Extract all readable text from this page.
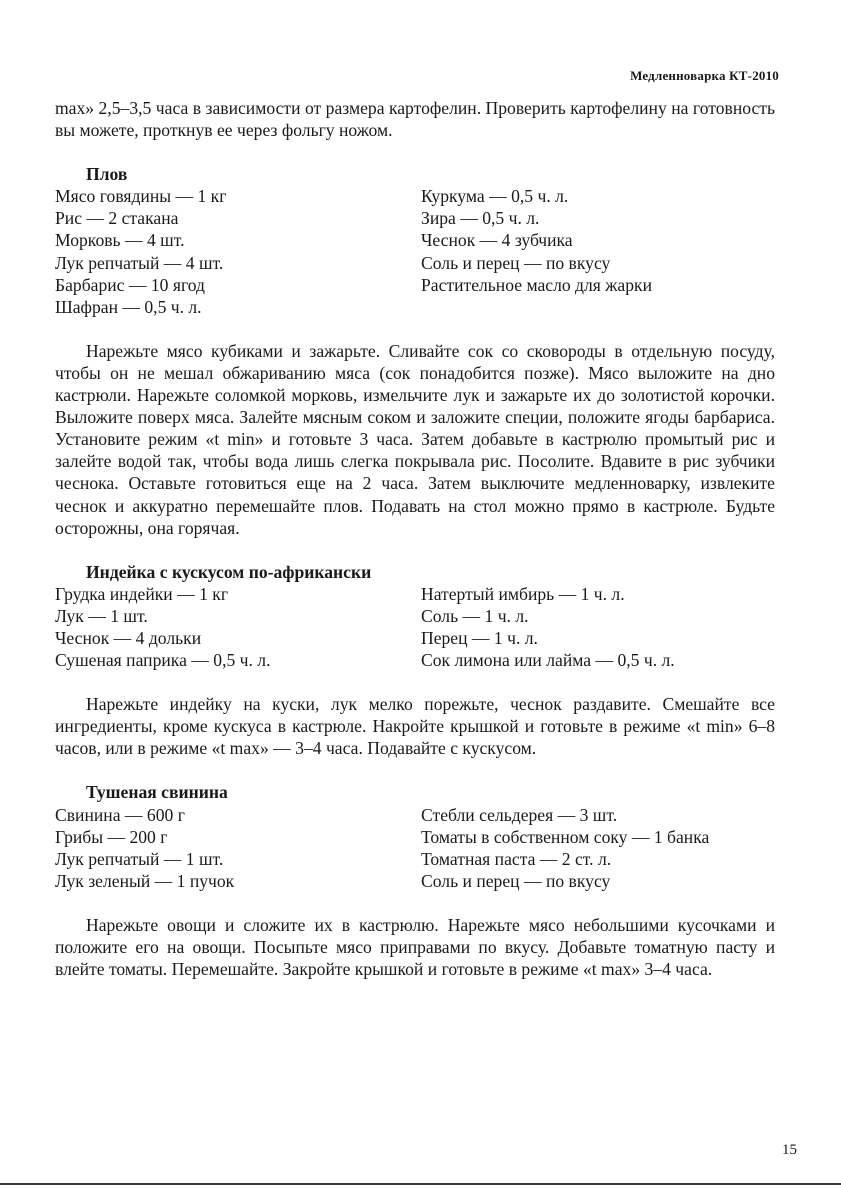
Медленноварка КТ-2010

max» 2,5–3,5 часа в зависимости от размера картофелин. Проверить картофелину на готовность вы можете, проткнув ее через фольгу ножом.

Плов
Мясо говядины — 1 кг
Рис — 2 стакана
Морковь — 4 шт.
Лук репчатый — 4 шт.
Барбарис — 10 ягод
Шафран — 0,5 ч. л.
Куркума — 0,5 ч. л.
Зира — 0,5 ч. л.
Чеснок — 4 зубчика
Соль и перец — по вкусу
Растительное масло для жарки

Нарежьте мясо кубиками и зажарьте. Сливайте сок со сковороды в отдельную посуду, чтобы он не мешал обжариванию мяса (сок понадобится позже). Мясо выложите на дно кастрюли. Нарежьте соломкой морковь, измельчите лук и зажарьте их до золотистой корочки. Выложите поверх мяса. Залейте мясным соком и заложите специи, положите ягоды барбариса. Установите режим «t min» и готовьте 3 часа. Затем добавьте в кастрюлю промытый рис и залейте водой так, чтобы вода лишь слегка покрывала рис. Посолите. Вдавите в рис зубчики чеснока. Оставьте готовиться еще на 2 часа. Затем выключите медленноварку, извлеките чеснок и аккуратно перемешайте плов. Подавать на стол можно прямо в кастрюле. Будьте осторожны, она горячая.

Индейка с кускусом по-африкански
Грудка индейки — 1 кг
Лук — 1 шт.
Чеснок — 4 дольки
Сушеная паприка — 0,5 ч. л.
Натертый имбирь — 1 ч. л.
Соль — 1 ч. л.
Перец — 1 ч. л.
Сок лимона или лайма — 0,5 ч. л.

Нарежьте индейку на куски, лук мелко порежьте, чеснок раздавите. Смешайте все ингредиенты, кроме кускуса в кастрюле. Накройте крышкой и готовьте в режиме «t min» 6–8 часов, или в режиме «t max» — 3–4 часа. Подавайте с кускусом.

Тушеная свинина
Свинина — 600 г
Грибы — 200 г
Лук репчатый — 1 шт.
Лук зеленый — 1 пучок
Стебли сельдерея — 3 шт.
Томаты в собственном соку — 1 банка
Томатная паста — 2 ст. л.
Соль и перец — по вкусу

Нарежьте овощи и сложите их в кастрюлю. Нарежьте мясо небольшими кусочками и положите его на овощи. Посыпьте мясо приправами по вкусу. Добавьте томатную пасту и влейте томаты. Перемешайте. Закройте крышкой и готовьте в режиме «t max» 3–4 часа.

15
